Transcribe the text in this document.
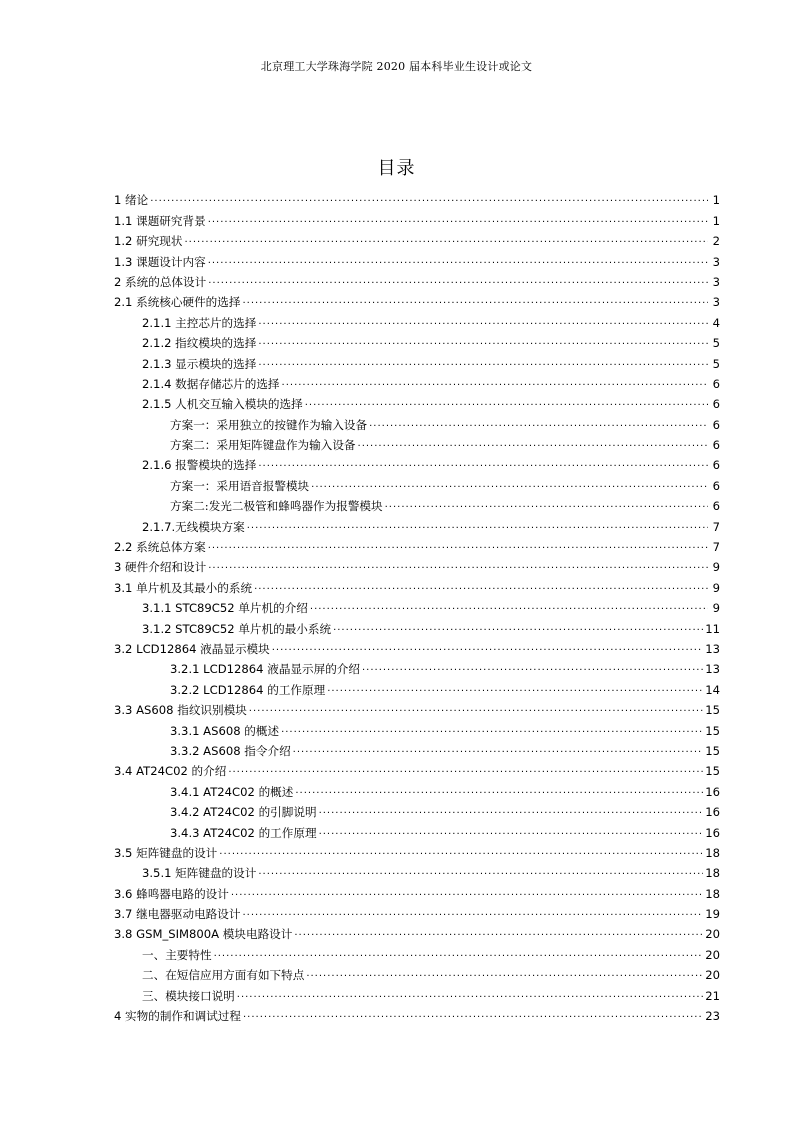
北京理工大学珠海学院 2020 届本科毕业生设计或论文
目录
1 绪论 .....	1
1.1 课题研究背景 .....	1
1.2 研究现状 .....	2
1.3 课题设计内容 .....	3
2 系统的总体设计 .....	3
2.1 系统核心硬件的选择 .....	3
2.1.1 主控芯片的选择 .....	4
2.1.2 指纹模块的选择 .....	5
2.1.3 显示模块的选择 .....	5
2.1.4 数据存储芯片的选择 .....	6
2.1.5 人机交互输入模块的选择 .....	6
方案一：采用独立的按键作为输入设备 .....	6
方案二：采用矩阵键盘作为输入设备 .....	6
2.1.6 报警模块的选择 .....	6
方案一：采用语音报警模块 .....	6
方案二:发光二极管和蜂鸣器作为报警模块 .....	6
2.1.7.无线模块方案 .....	7
2.2 系统总体方案 .....	7
3 硬件介绍和设计 .....	9
3.1 单片机及其最小的系统 .....	9
3.1.1 STC89C52 单片机的介绍 .....	9
3.1.2 STC89C52 单片机的最小系统 .....	11
3.2 LCD12864 液晶显示模块 .....	13
3.2.1 LCD12864 液晶显示屏的介绍 .....	13
3.2.2 LCD12864 的工作原理 .....	14
3.3 AS608 指纹识别模块 .....	15
3.3.1 AS608 的概述 .....	15
3.3.2 AS608 指令介绍 .....	15
3.4 AT24C02 的介绍 .....	15
3.4.1 AT24C02 的概述 .....	16
3.4.2 AT24C02 的引脚说明 .....	16
3.4.3 AT24C02 的工作原理 .....	16
3.5 矩阵键盘的设计 .....	18
3.5.1 矩阵键盘的设计 .....	18
3.6 蜂鸣器电路的设计 .....	18
3.7 继电器驱动电路设计 .....	19
3.8 GSM_SIM800A 模块电路设计 .....	20
一、主要特性 .....	20
二、在短信应用方面有如下特点 .....	20
三、模块接口说明 .....	21
4 实物的制作和调试过程 .....	23
